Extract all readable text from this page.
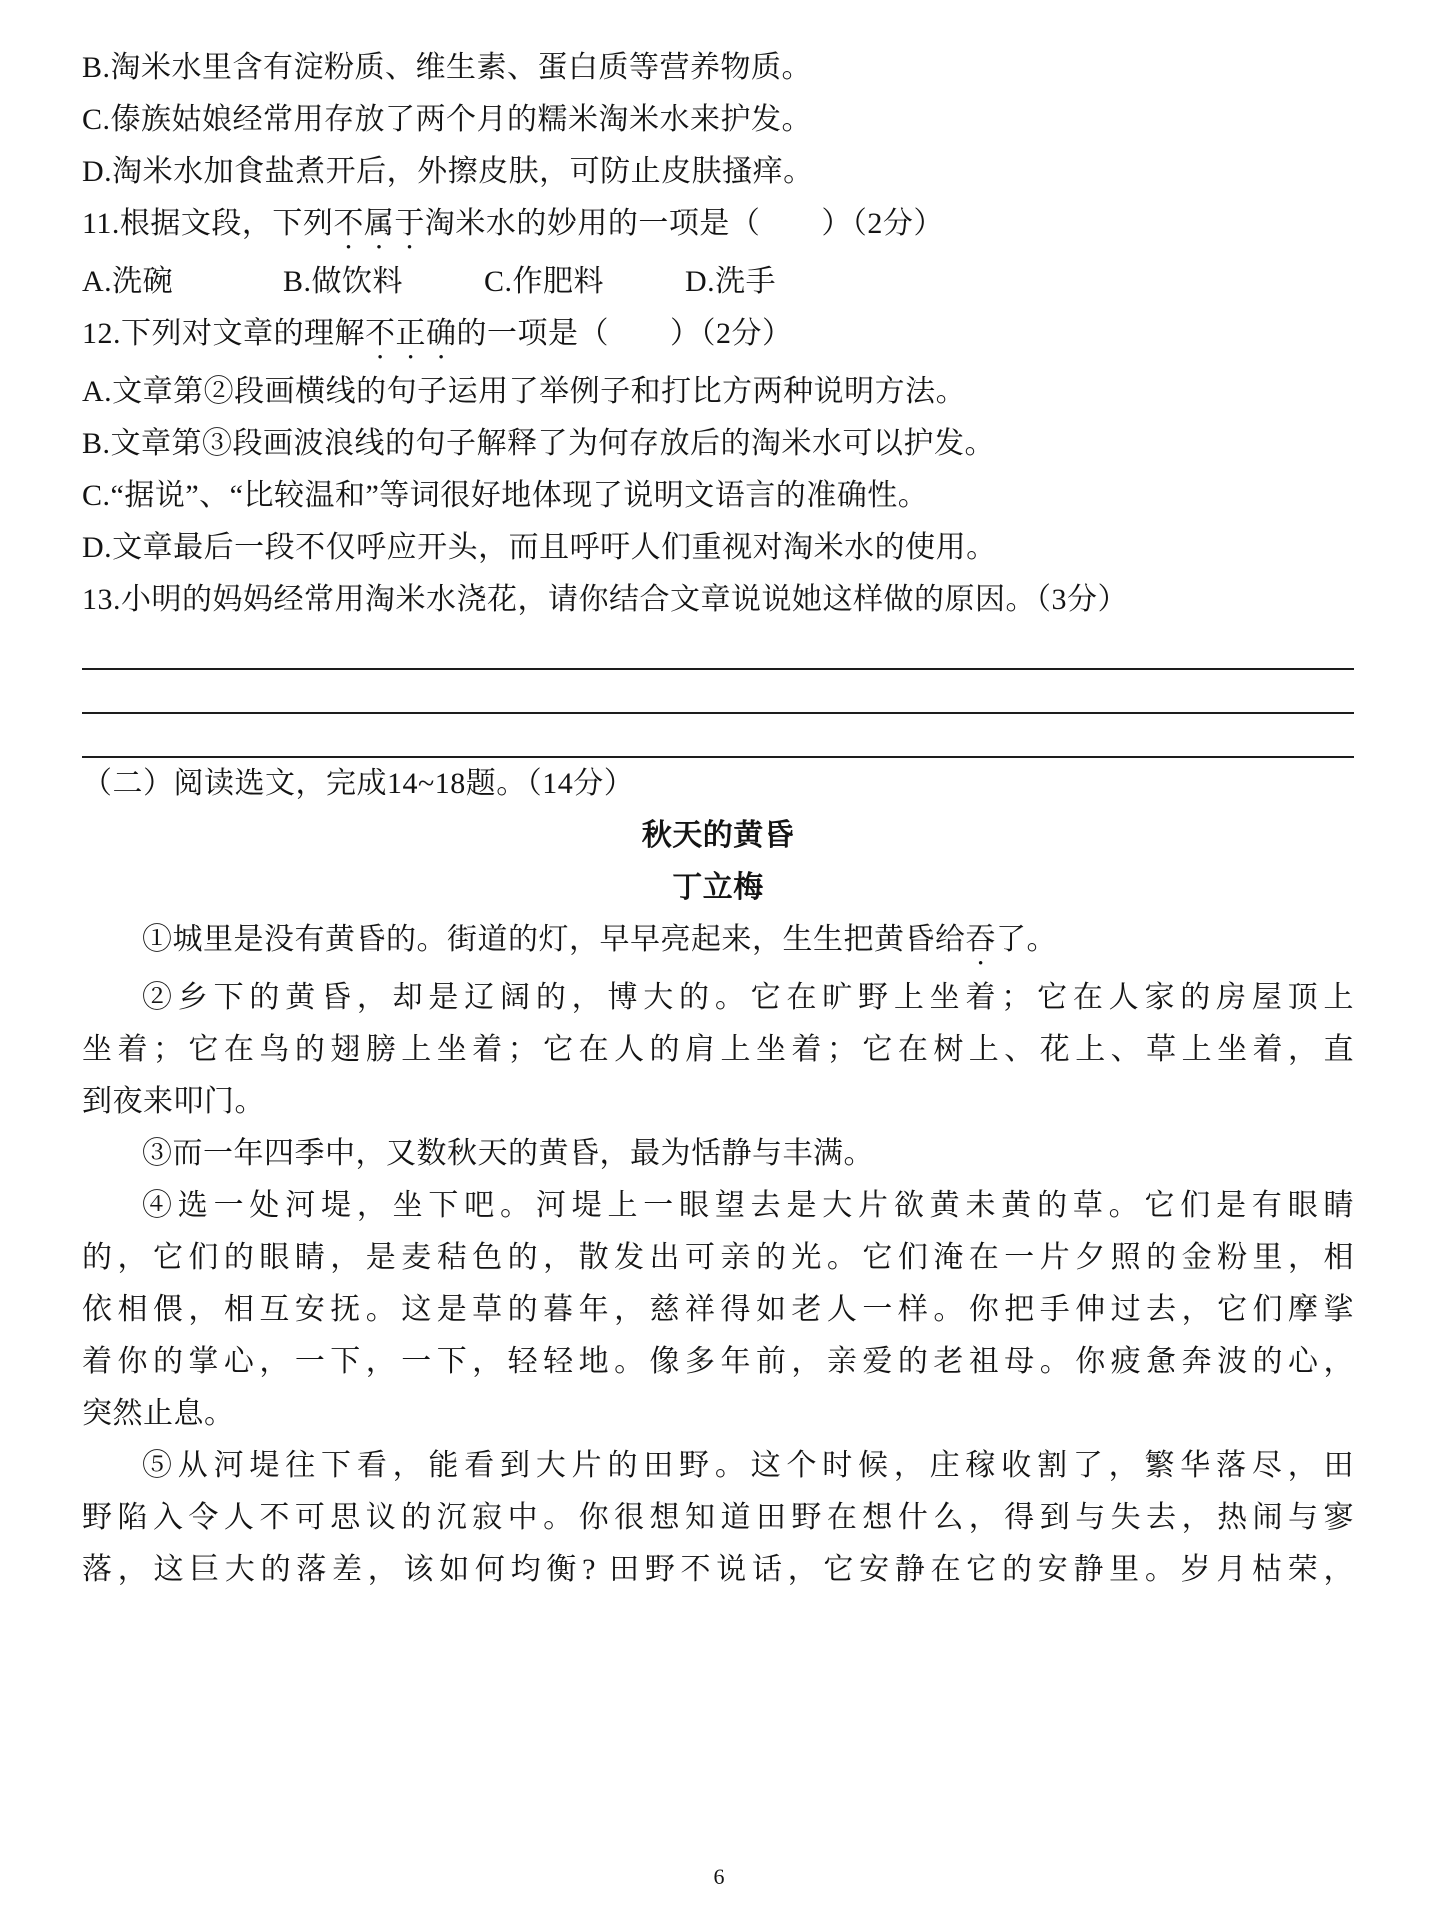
B.淘米水里含有淀粉质、维生素、蛋白质等营养物质。
C.傣族姑娘经常用存放了两个月的糯米淘米水来护发。
D.淘米水加食盐煮开后，外擦皮肤，可防止皮肤搔痒。
11.根据文段，下列不属于淘米水的妙用的一项是（　　）（2分）
A.洗碗	B.做饮料	C.作肥料	D.洗手
12.下列对文章的理解不正确的一项是（　　）（2分）
A.文章第②段画横线的句子运用了举例子和打比方两种说明方法。
B.文章第③段画波浪线的句子解释了为何存放后的淘米水可以护发。
C.“据说”、“比较温和”等词很好地体现了说明文语言的准确性。
D.文章最后一段不仅呼应开头，而且呼吁人们重视对淘米水的使用。
13.小明的妈妈经常用淘米水浇花，请你结合文章说说她这样做的原因。（3分）
（二）阅读选文，完成14~18题。（14分）
秋天的黄昏
丁立梅
①城里是没有黄昏的。街道的灯，早早亮起来，生生把黄昏给吞了。
②乡下的黄昏，却是辽阔的，博大的。它在旷野上坐着；它在人家的房屋顶上
坐着；它在鸟的翅膀上坐着；它在人的肩上坐着；它在树上、花上、草上坐着，直
到夜来叩门。
③而一年四季中，又数秋天的黄昏，最为恬静与丰满。
④选一处河堤，坐下吧。河堤上一眼望去是大片欲黄未黄的草。它们是有眼睛
的，它们的眼睛，是麦秸色的，散发出可亲的光。它们淹在一片夕照的金粉里，相
依相偎，相互安抚。这是草的暮年，慈祥得如老人一样。你把手伸过去，它们摩挲
着你的掌心，一下，一下，轻轻地。像多年前，亲爱的老祖母。你疲惫奔波的心，
突然止息。
⑤从河堤往下看，能看到大片的田野。这个时候，庄稼收割了，繁华落尽，田
野陷入令人不可思议的沉寂中。你很想知道田野在想什么，得到与失去，热闹与寥
落，这巨大的落差，该如何均衡? 田野不说话，它安静在它的安静里。岁月枯荣，
6
